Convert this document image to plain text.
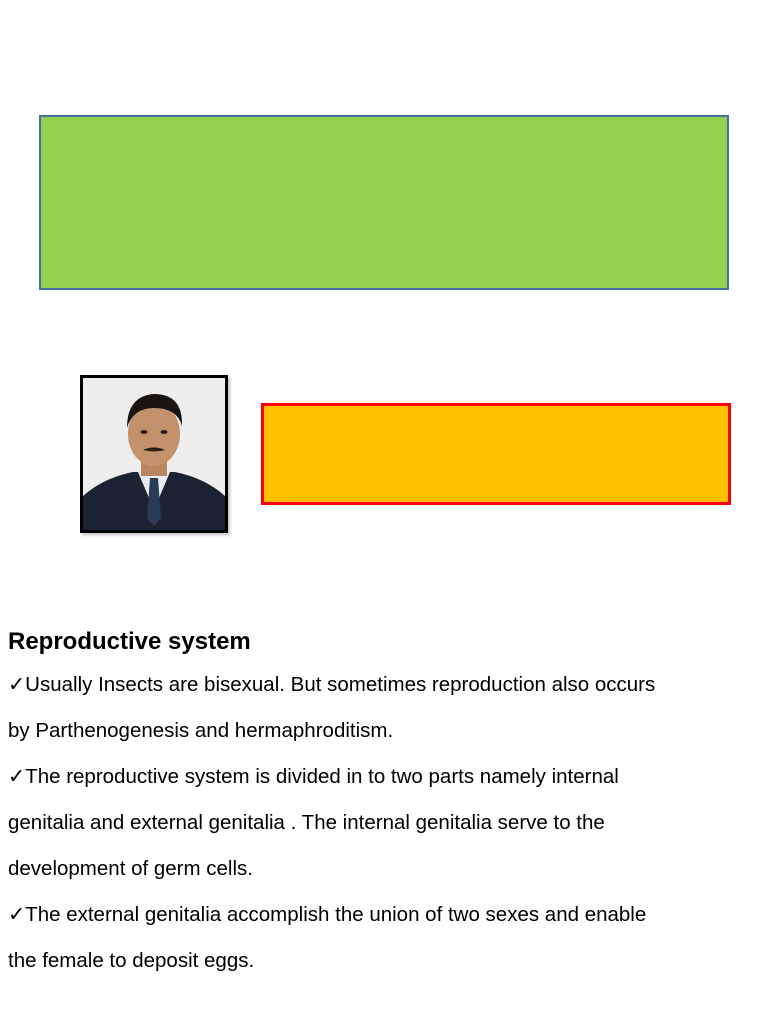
Reproductive system

✓Usually Insects are bisexual. But sometimes reproduction also occurs

by Parthenogenesis and hermaphroditism.

✓The reproductive system is divided in to two parts namely internal

genitalia and external genitalia . The internal genitalia serve to the

development of germ cells.

✓The external genitalia accomplish the union of two sexes and enable

the female to deposit eggs.
